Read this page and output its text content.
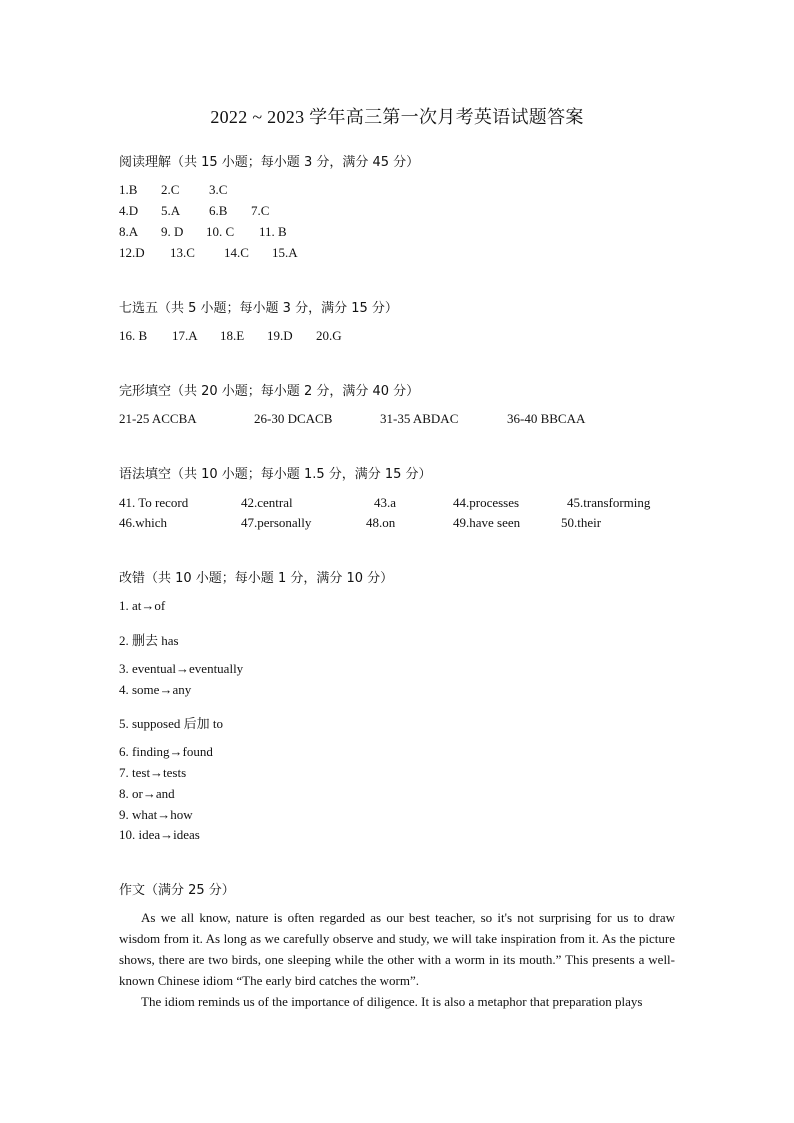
2022 ~ 2023 学年高三第一次月考英语试题答案
阅读理解（共 15 小题；每小题 3 分，满分 45 分）
1.B 2.C 3.C
4.D 5.A 6.B 7.C
8.A 9. D 10. C 11. B
12.D 13.C 14.C 15.A
七选五（共 5 小题；每小题 3 分，满分 15 分）
16. B 17.A 18.E 19.D 20.G
完形填空（共 20 小题；每小题 2 分，满分 40 分）
21-25 ACCBA	26-30 DCACB	31-35 ABDAC	36-40 BBCAA
语法填空（共 10 小题；每小题 1.5 分，满分 15 分）
41. To record	42.central	43.a	44.processes	45.transforming
46.which	47.personally	48.on	49.have seen	50.their
改错（共 10 小题；每小题 1 分，满分 10 分）
1. at→of
2. 删去 has
3. eventual→eventually
4. some→any
5. supposed 后加 to
6. finding→found
7. test→tests
8. or→and
9. what→how
10. idea→ideas
作文（满分 25 分）

As we all know, nature is often regarded as our best teacher, so it's not surprising for us to draw wisdom from it. As long as we carefully observe and study, we will take inspiration from it. As the picture shows, there are two birds, one sleeping while the other with a worm in its mouth.” This presents a well-known Chinese idiom “The early bird catches the worm”.

The idiom reminds us of the importance of diligence. It is also a metaphor that preparation plays
